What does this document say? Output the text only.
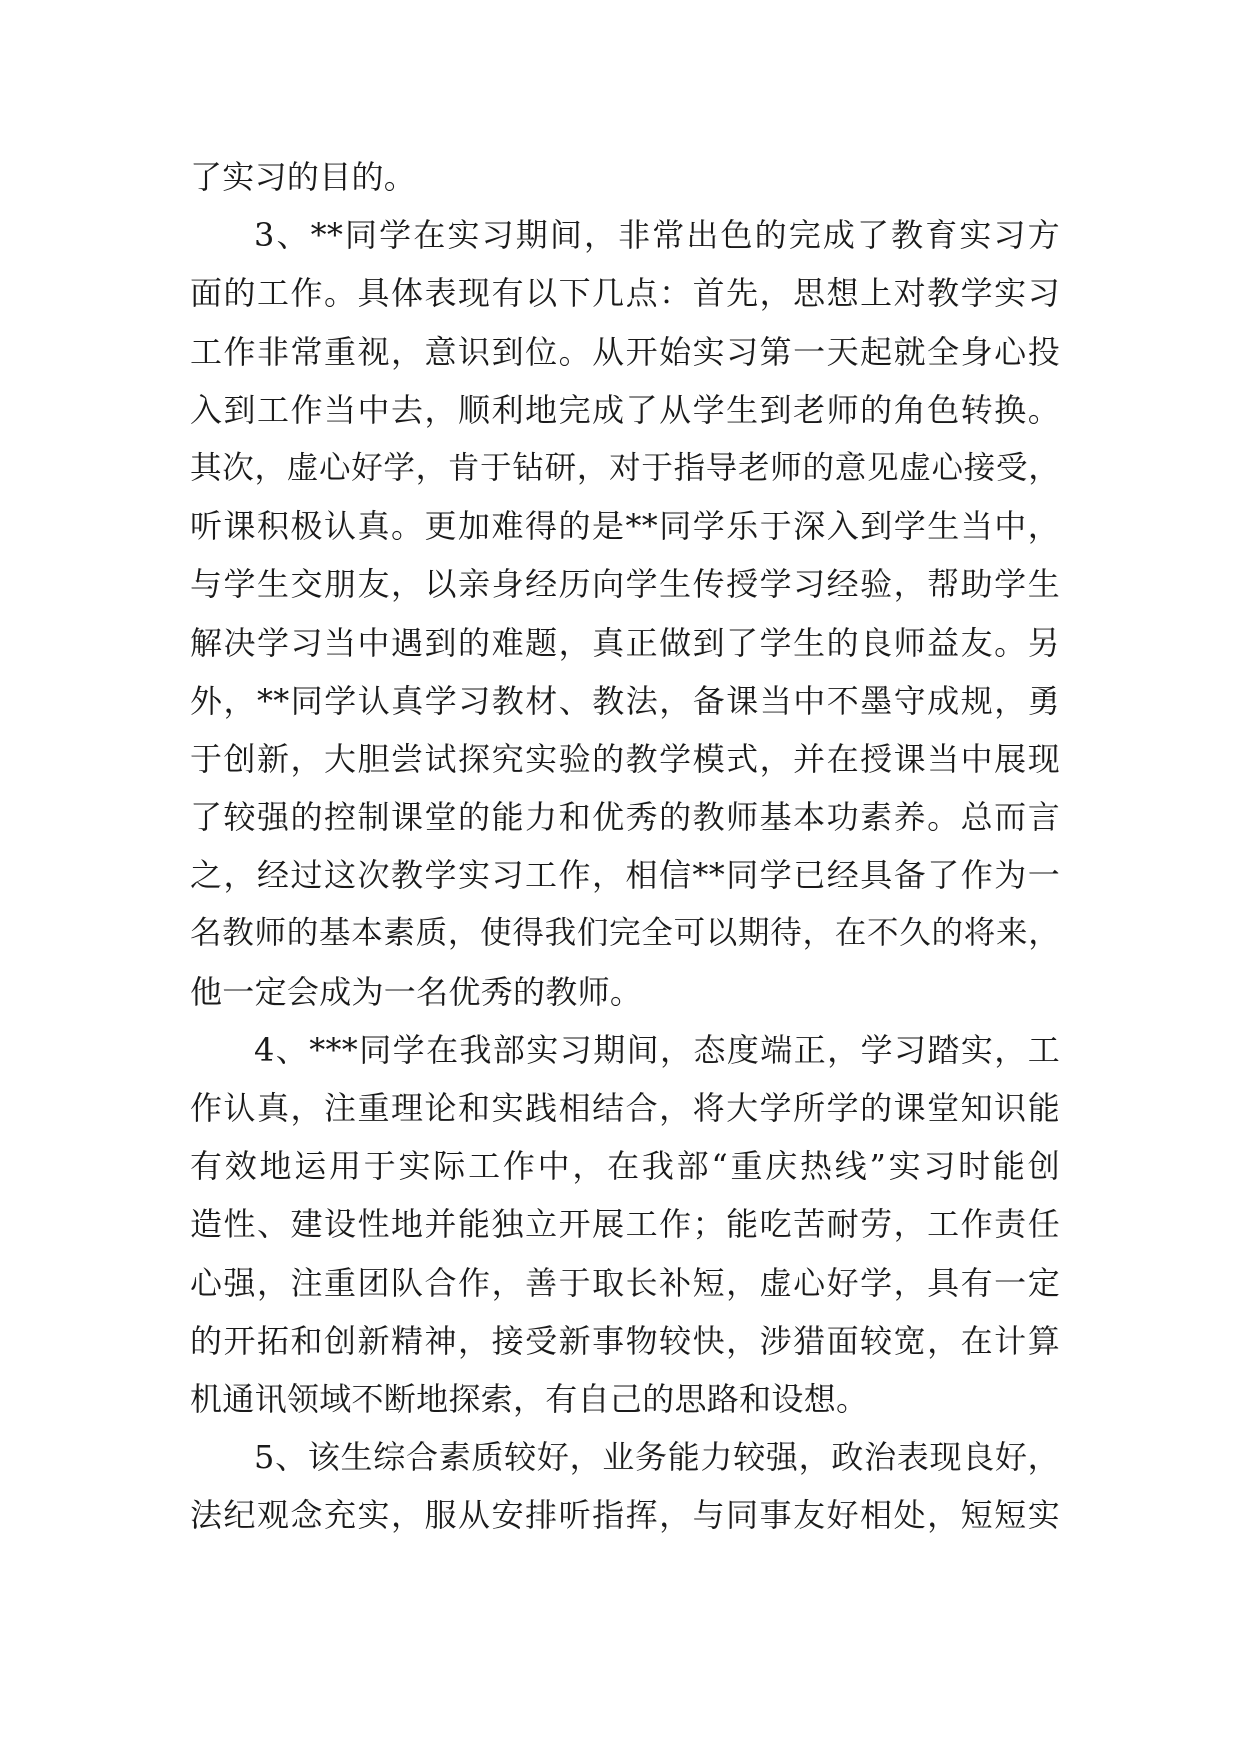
了实习的目的。
3、**同学在实习期间，非常出色的完成了教育实习方
面的工作。具体表现有以下几点：首先，思想上对教学实习
工作非常重视，意识到位。从开始实习第一天起就全身心投
入到工作当中去，顺利地完成了从学生到老师的角色转换。
其次，虚心好学，肯于钻研，对于指导老师的意见虚心接受，
听课积极认真。更加难得的是**同学乐于深入到学生当中，
与学生交朋友，以亲身经历向学生传授学习经验，帮助学生
解决学习当中遇到的难题，真正做到了学生的良师益友。另
外，**同学认真学习教材、教法，备课当中不墨守成规，勇
于创新，大胆尝试探究实验的教学模式，并在授课当中展现
了较强的控制课堂的能力和优秀的教师基本功素养。总而言
之，经过这次教学实习工作，相信**同学已经具备了作为一
名教师的基本素质，使得我们完全可以期待，在不久的将来，
他一定会成为一名优秀的教师。
4、***同学在我部实习期间，态度端正，学习踏实，工
作认真，注重理论和实践相结合，将大学所学的课堂知识能
有效地运用于实际工作中，在我部“重庆热线”实习时能创
造性、建设性地并能独立开展工作；能吃苦耐劳，工作责任
心强，注重团队合作，善于取长补短，虚心好学，具有一定
的开拓和创新精神，接受新事物较快，涉猎面较宽，在计算
机通讯领域不断地探索，有自己的思路和设想。
5、该生综合素质较好，业务能力较强，政治表现良好，
法纪观念充实，服从安排听指挥，与同事友好相处，短短实
